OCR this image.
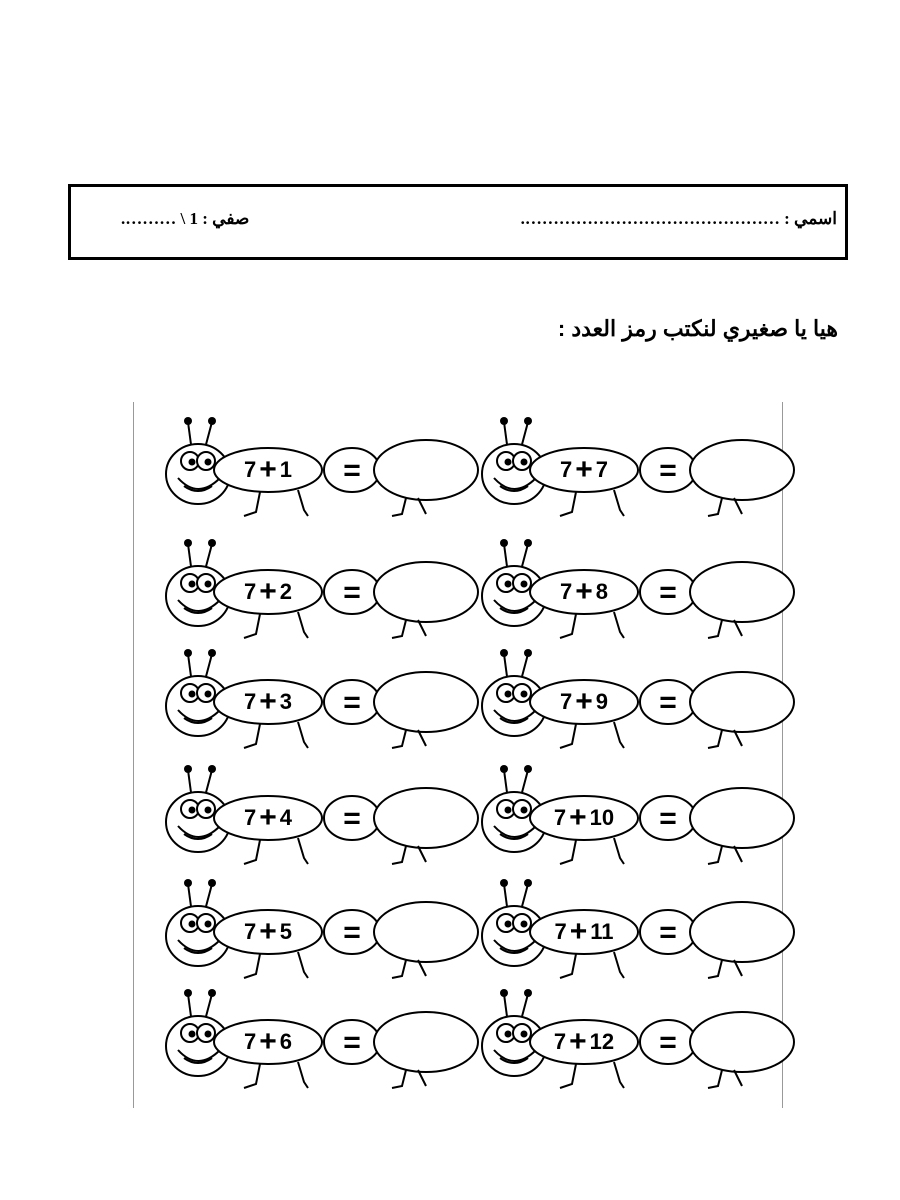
اسمي : ……………………………………….
صفي : 1 \ ……….
هيا يا صغيري لنكتب رمز العدد :
=
7 + 1	=
7 + 7
=
7 + 2	=
7 + 8
=
7 + 3	=
7 + 9
=
7 + 4	=
7 + 10
=
7 + 5	=
7 + 11
=
7 + 6	=
7 + 12
